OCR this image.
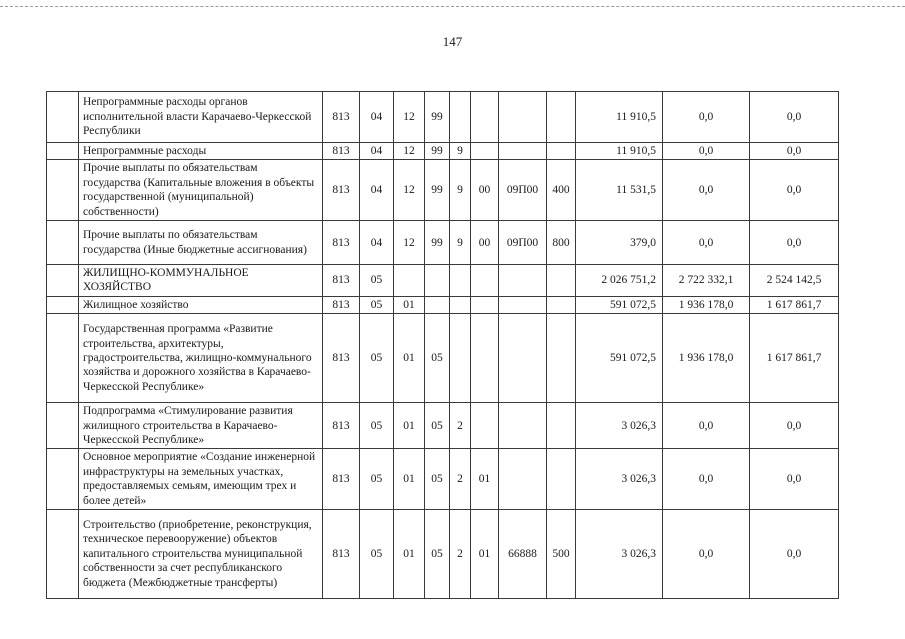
147
	Непрограммные расходы органов исполнительной власти Карачаево-Черкесской Республики	813	04	12	99					11 910,5	0,0	0,0
	Непрограммные расходы	813	04	12	99	9				11 910,5	0,0	0,0
	Прочие выплаты по обязательствам государства (Капитальные вложения в объекты государственной (муниципальной) собственности)	813	04	12	99	9	00	09П00	400	11 531,5	0,0	0,0
	Прочие выплаты по обязательствам государства (Иные бюджетные ассигнования)	813	04	12	99	9	00	09П00	800	379,0	0,0	0,0
	ЖИЛИЩНО-КОММУНАЛЬНОЕ ХОЗЯЙСТВО	813	05							2 026 751,2	2 722 332,1	2 524 142,5
	Жилищное хозяйство	813	05	01						591 072,5	1 936 178,0	1 617 861,7
	Государственная программа «Развитие строительства, архитектуры, градостроительства, жилищно-коммунального хозяйства и дорожного хозяйства в Карачаево-Черкесской Республике»	813	05	01	05					591 072,5	1 936 178,0	1 617 861,7
	Подпрограмма «Стимулирование развития жилищного строительства в Карачаево-Черкесской Республике»	813	05	01	05	2				3 026,3	0,0	0,0
	Основное мероприятие «Создание инженерной инфраструктуры на земельных участках, предоставляемых семьям, имеющим трех и более детей»	813	05	01	05	2	01			3 026,3	0,0	0,0
	Строительство (приобретение, реконструкция, техническое перевооружение) объектов капитального строительства муниципальной собственности за счет республиканского бюджета (Межбюджетные трансферты)	813	05	01	05	2	01	66888	500	3 026,3	0,0	0,0
